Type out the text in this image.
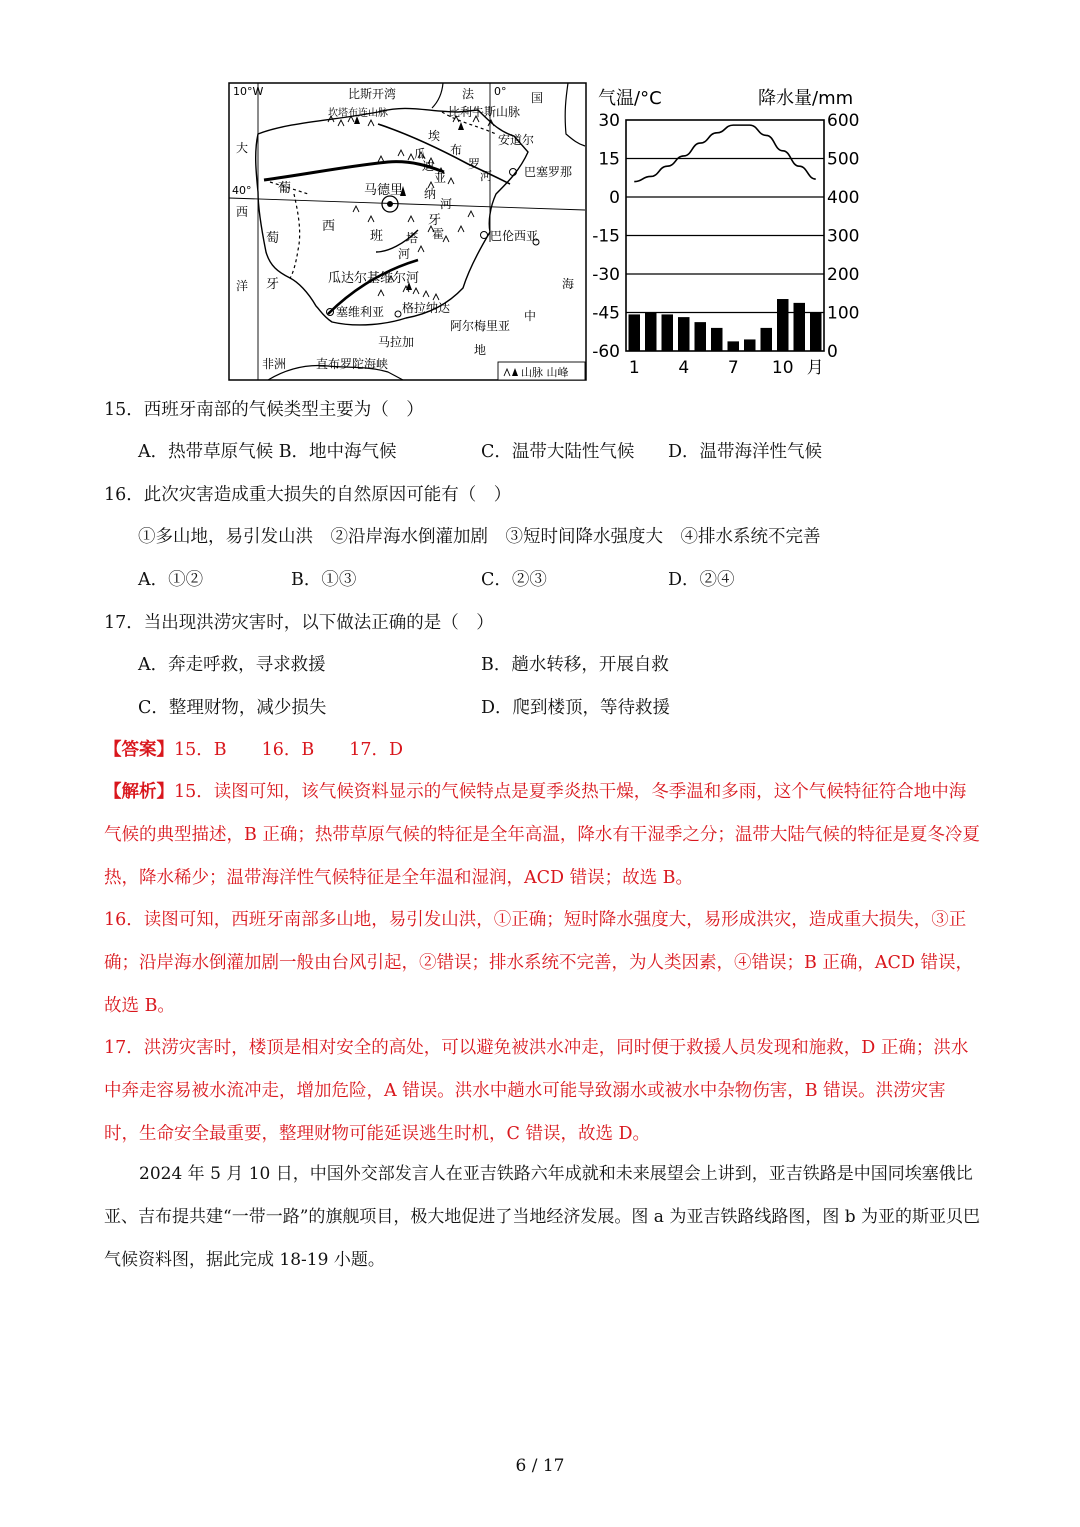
10°W	0°
40°
比斯开湾	法	国
坎塔布连山脉	比利牛斯山脉
安道尔
埃
布
罗
河	巴塞罗那
大
西
洋
葡
萄
牙
西
班
牙
马德里
瓜
迪
亚
纳
河
塔 霍
河
巴伦西亚
瓜达尔基维尔河
塞维利亚 格拉纳达
阿尔梅里亚
马拉加
地
中
海
非洲 直布罗陀海峡
山脉 山峰
气温/°C	降水量/mm
30
15
0
-15
-30
-45
-60
600
500
400
300
200
100
0
1 4 7 10 月
15．西班牙南部的气候类型主要为（　）
A．热带草原气候 B．地中海气候	C．温带大陆性气候 D．温带海洋性气候
16．此次灾害造成重大损失的自然原因可能有（　）
①多山地，易引发山洪　②沿岸海水倒灌加剧　③短时间降水强度大　④排水系统不完善
A．①②	B．①③	C．②③	D．②④
17．当出现洪涝灾害时，以下做法正确的是（　）
A．奔走呼救，寻求救援	B．趟水转移，开展自救
C．整理财物，减少损失	D．爬到楼顶，等待救援
【答案】15．B　　16．B　　17．D
【解析】15．读图可知，该气候资料显示的气候特点是夏季炎热干燥，冬季温和多雨，这个气候特征符合地中海气候的典型描述，B 正确；热带草原气候的特征是全年高温，降水有干湿季之分；温带大陆气候的特征是夏冬冷夏热，降水稀少；温带海洋性气候特征是全年温和湿润，ACD 错误；故选 B。
16．读图可知，西班牙南部多山地，易引发山洪，①正确；短时降水强度大，易形成洪灾，造成重大损失，③正确；沿岸海水倒灌加剧一般由台风引起，②错误；排水系统不完善，为人类因素，④错误；B 正确，ACD 错误，故选 B。
17．洪涝灾害时，楼顶是相对安全的高处，可以避免被洪水冲走，同时便于救援人员发现和施救，D 正确；洪水中奔走容易被水流冲走，增加危险，A 错误。洪水中趟水可能导致溺水或被水中杂物伤害，B 错误。洪涝灾害时，生命安全最重要，整理财物可能延误逃生时机，C 错误，故选 D。
2024 年 5 月 10 日，中国外交部发言人在亚吉铁路六年成就和未来展望会上讲到，亚吉铁路是中国同埃塞俄比亚、吉布提共建“一带一路”的旗舰项目，极大地促进了当地经济发展。图 a 为亚吉铁路线路图，图 b 为亚的斯亚贝巴气候资料图，据此完成 18-19 小题。
6 / 17
